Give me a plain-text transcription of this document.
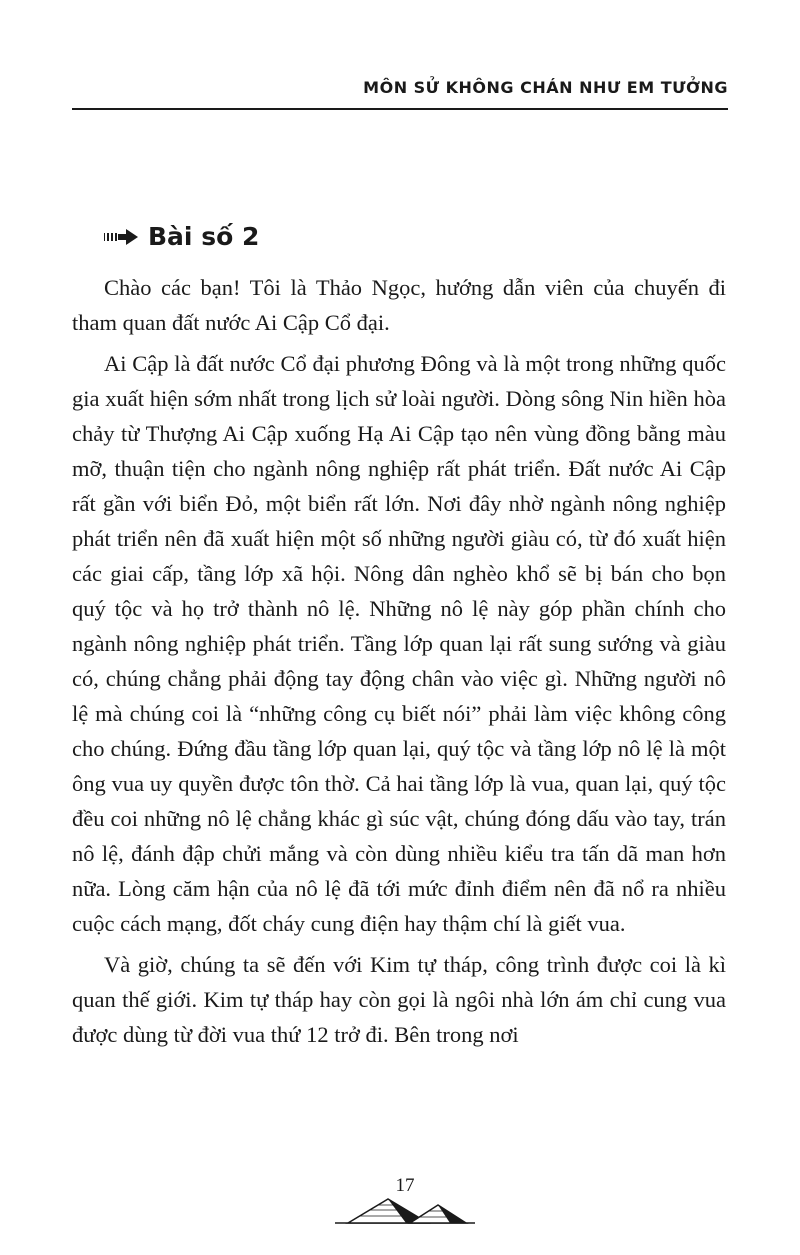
MÔN SỬ KHÔNG CHÁN NHƯ EM TƯỞNG
Bài số 2

Chào các bạn! Tôi là Thảo Ngọc, hướng dẫn viên của chuyến đi tham quan đất nước Ai Cập Cổ đại.

Ai Cập là đất nước Cổ đại phương Đông và là một trong những quốc gia xuất hiện sớm nhất trong lịch sử loài người. Dòng sông Nin hiền hòa chảy từ Thượng Ai Cập xuống Hạ Ai Cập tạo nên vùng đồng bằng màu mỡ, thuận tiện cho ngành nông nghiệp rất phát triển. Đất nước Ai Cập rất gần với biển Đỏ, một biển rất lớn. Nơi đây nhờ ngành nông nghiệp phát triển nên đã xuất hiện một số những người giàu có, từ đó xuất hiện các giai cấp, tầng lớp xã hội. Nông dân nghèo khổ sẽ bị bán cho bọn quý tộc và họ trở thành nô lệ. Những nô lệ này góp phần chính cho ngành nông nghiệp phát triển. Tầng lớp quan lại rất sung sướng và giàu có, chúng chẳng phải động tay động chân vào việc gì. Những người nô lệ mà chúng coi là “những công cụ biết nói” phải làm việc không công cho chúng. Đứng đầu tầng lớp quan lại, quý tộc và tầng lớp nô lệ là một ông vua uy quyền được tôn thờ. Cả hai tầng lớp là vua, quan lại, quý tộc đều coi những nô lệ chẳng khác gì súc vật, chúng đóng dấu vào tay, trán nô lệ, đánh đập chửi mắng và còn dùng nhiều kiểu tra tấn dã man hơn nữa. Lòng căm hận của nô lệ đã tới mức đỉnh điểm nên đã nổ ra nhiều cuộc cách mạng, đốt cháy cung điện hay thậm chí là giết vua.

Và giờ, chúng ta sẽ đến với Kim tự tháp, công trình được coi là kì quan thế giới. Kim tự tháp hay còn gọi là ngôi nhà lớn ám chỉ cung vua được dùng từ đời vua thứ 12 trở đi. Bên trong nơi

17
